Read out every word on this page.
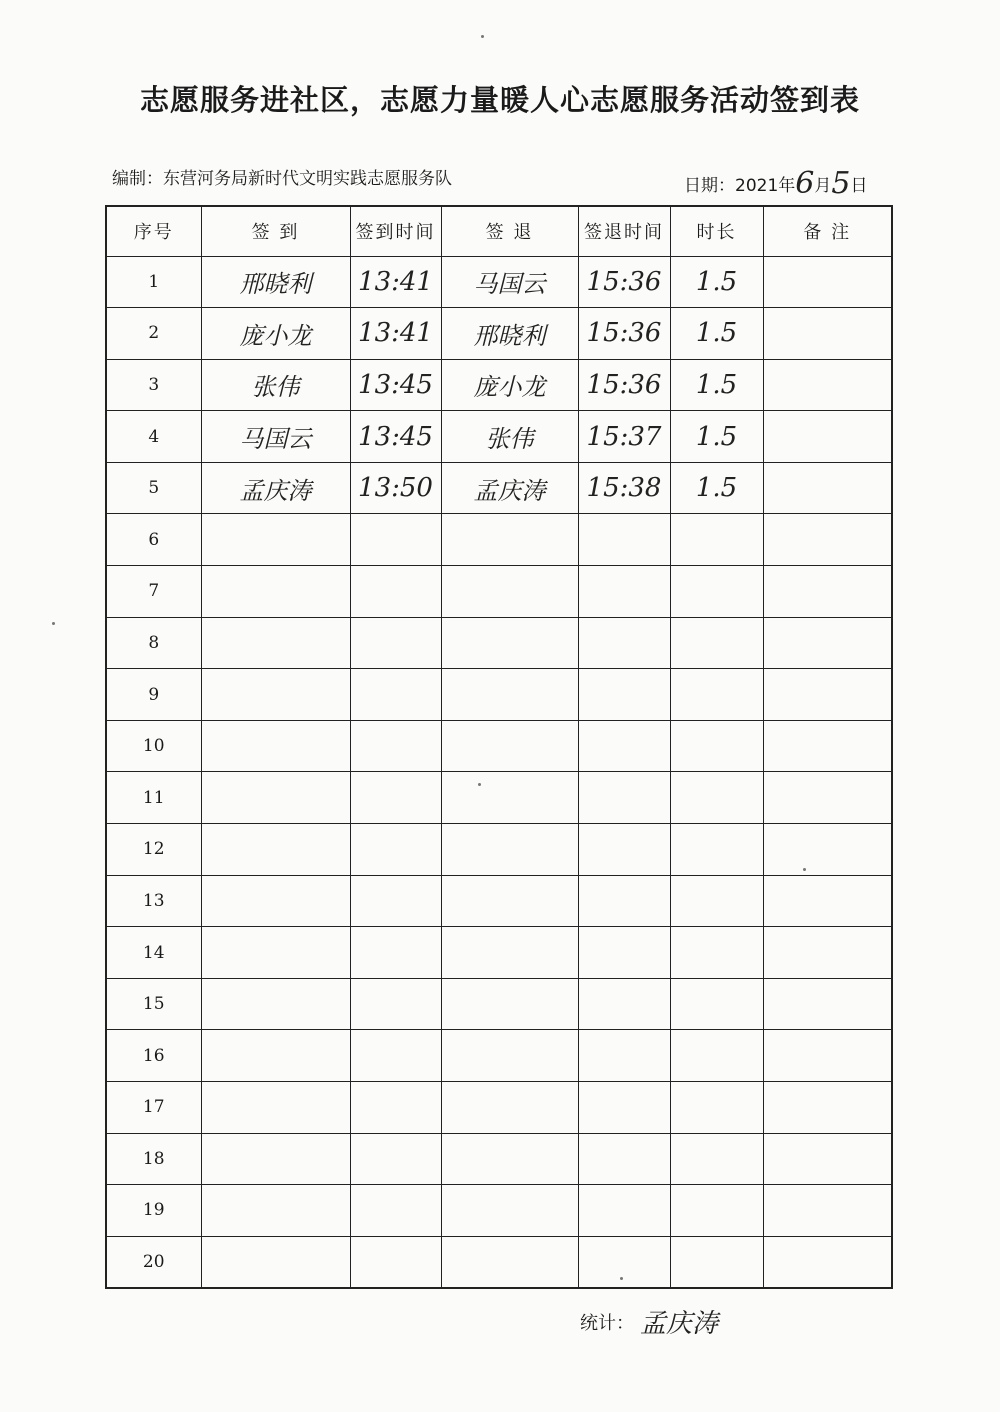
志愿服务进社区，志愿力量暖人心志愿服务活动签到表
编制：东营河务局新时代文明实践志愿服务队	日期：2021年6月5日
序号	签 到	签到时间	签 退	签退时间	时长	备 注
1	邢晓利	13:41	马国云	15:36	1.5	
2	庞小龙	13:41	邢晓利	15:36	1.5	
3	张伟	13:45	庞小龙	15:36	1.5	
4	马国云	13:45	张伟	15:37	1.5	
5	孟庆涛	13:50	孟庆涛	15:38	1.5	
6						
7						
8						
9						
10						
11						
12						
13						
14						
15						
16						
17						
18						
19						
20						
统计： 孟庆涛
